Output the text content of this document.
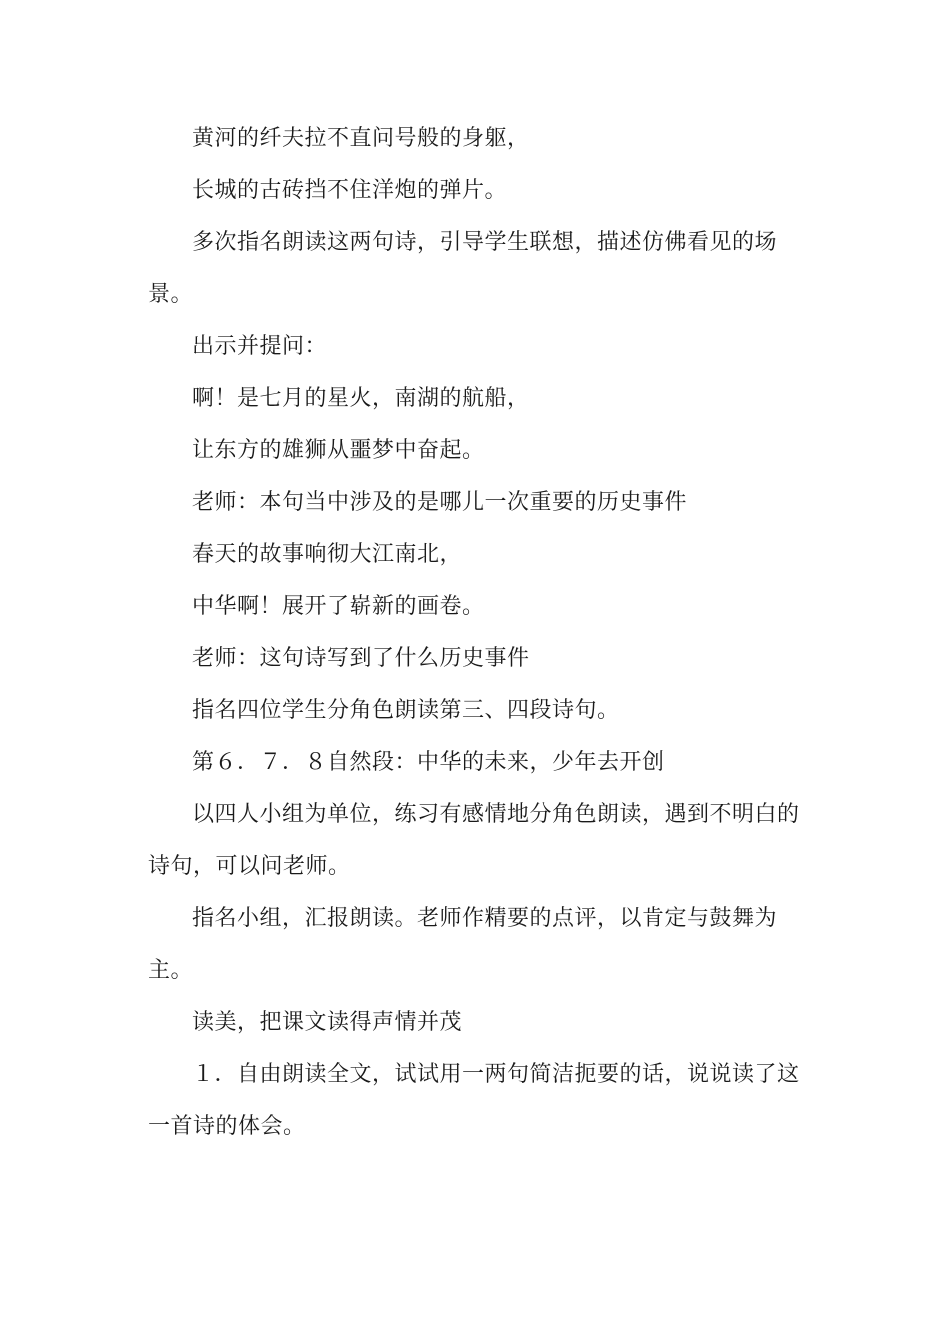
黄河的纤夫拉不直问号般的身躯，

长城的古砖挡不住洋炮的弹片。

多次指名朗读这两句诗，引导学生联想，描述仿佛看见的场景。

出示并提问：

啊！是七月的星火，南湖的航船，

让东方的雄狮从噩梦中奋起。

老师：本句当中涉及的是哪儿一次重要的历史事件

春天的故事响彻大江南北，

中华啊！展开了崭新的画卷。

老师：这句诗写到了什么历史事件

指名四位学生分角色朗读第三、四段诗句。

第６．７．８自然段：中华的未来，少年去开创

以四人小组为单位，练习有感情地分角色朗读，遇到不明白的诗句，可以问老师。

指名小组，汇报朗读。老师作精要的点评，以肯定与鼓舞为主。

读美，把课文读得声情并茂

１．自由朗读全文，试试用一两句简洁扼要的话，说说读了这一首诗的体会。
